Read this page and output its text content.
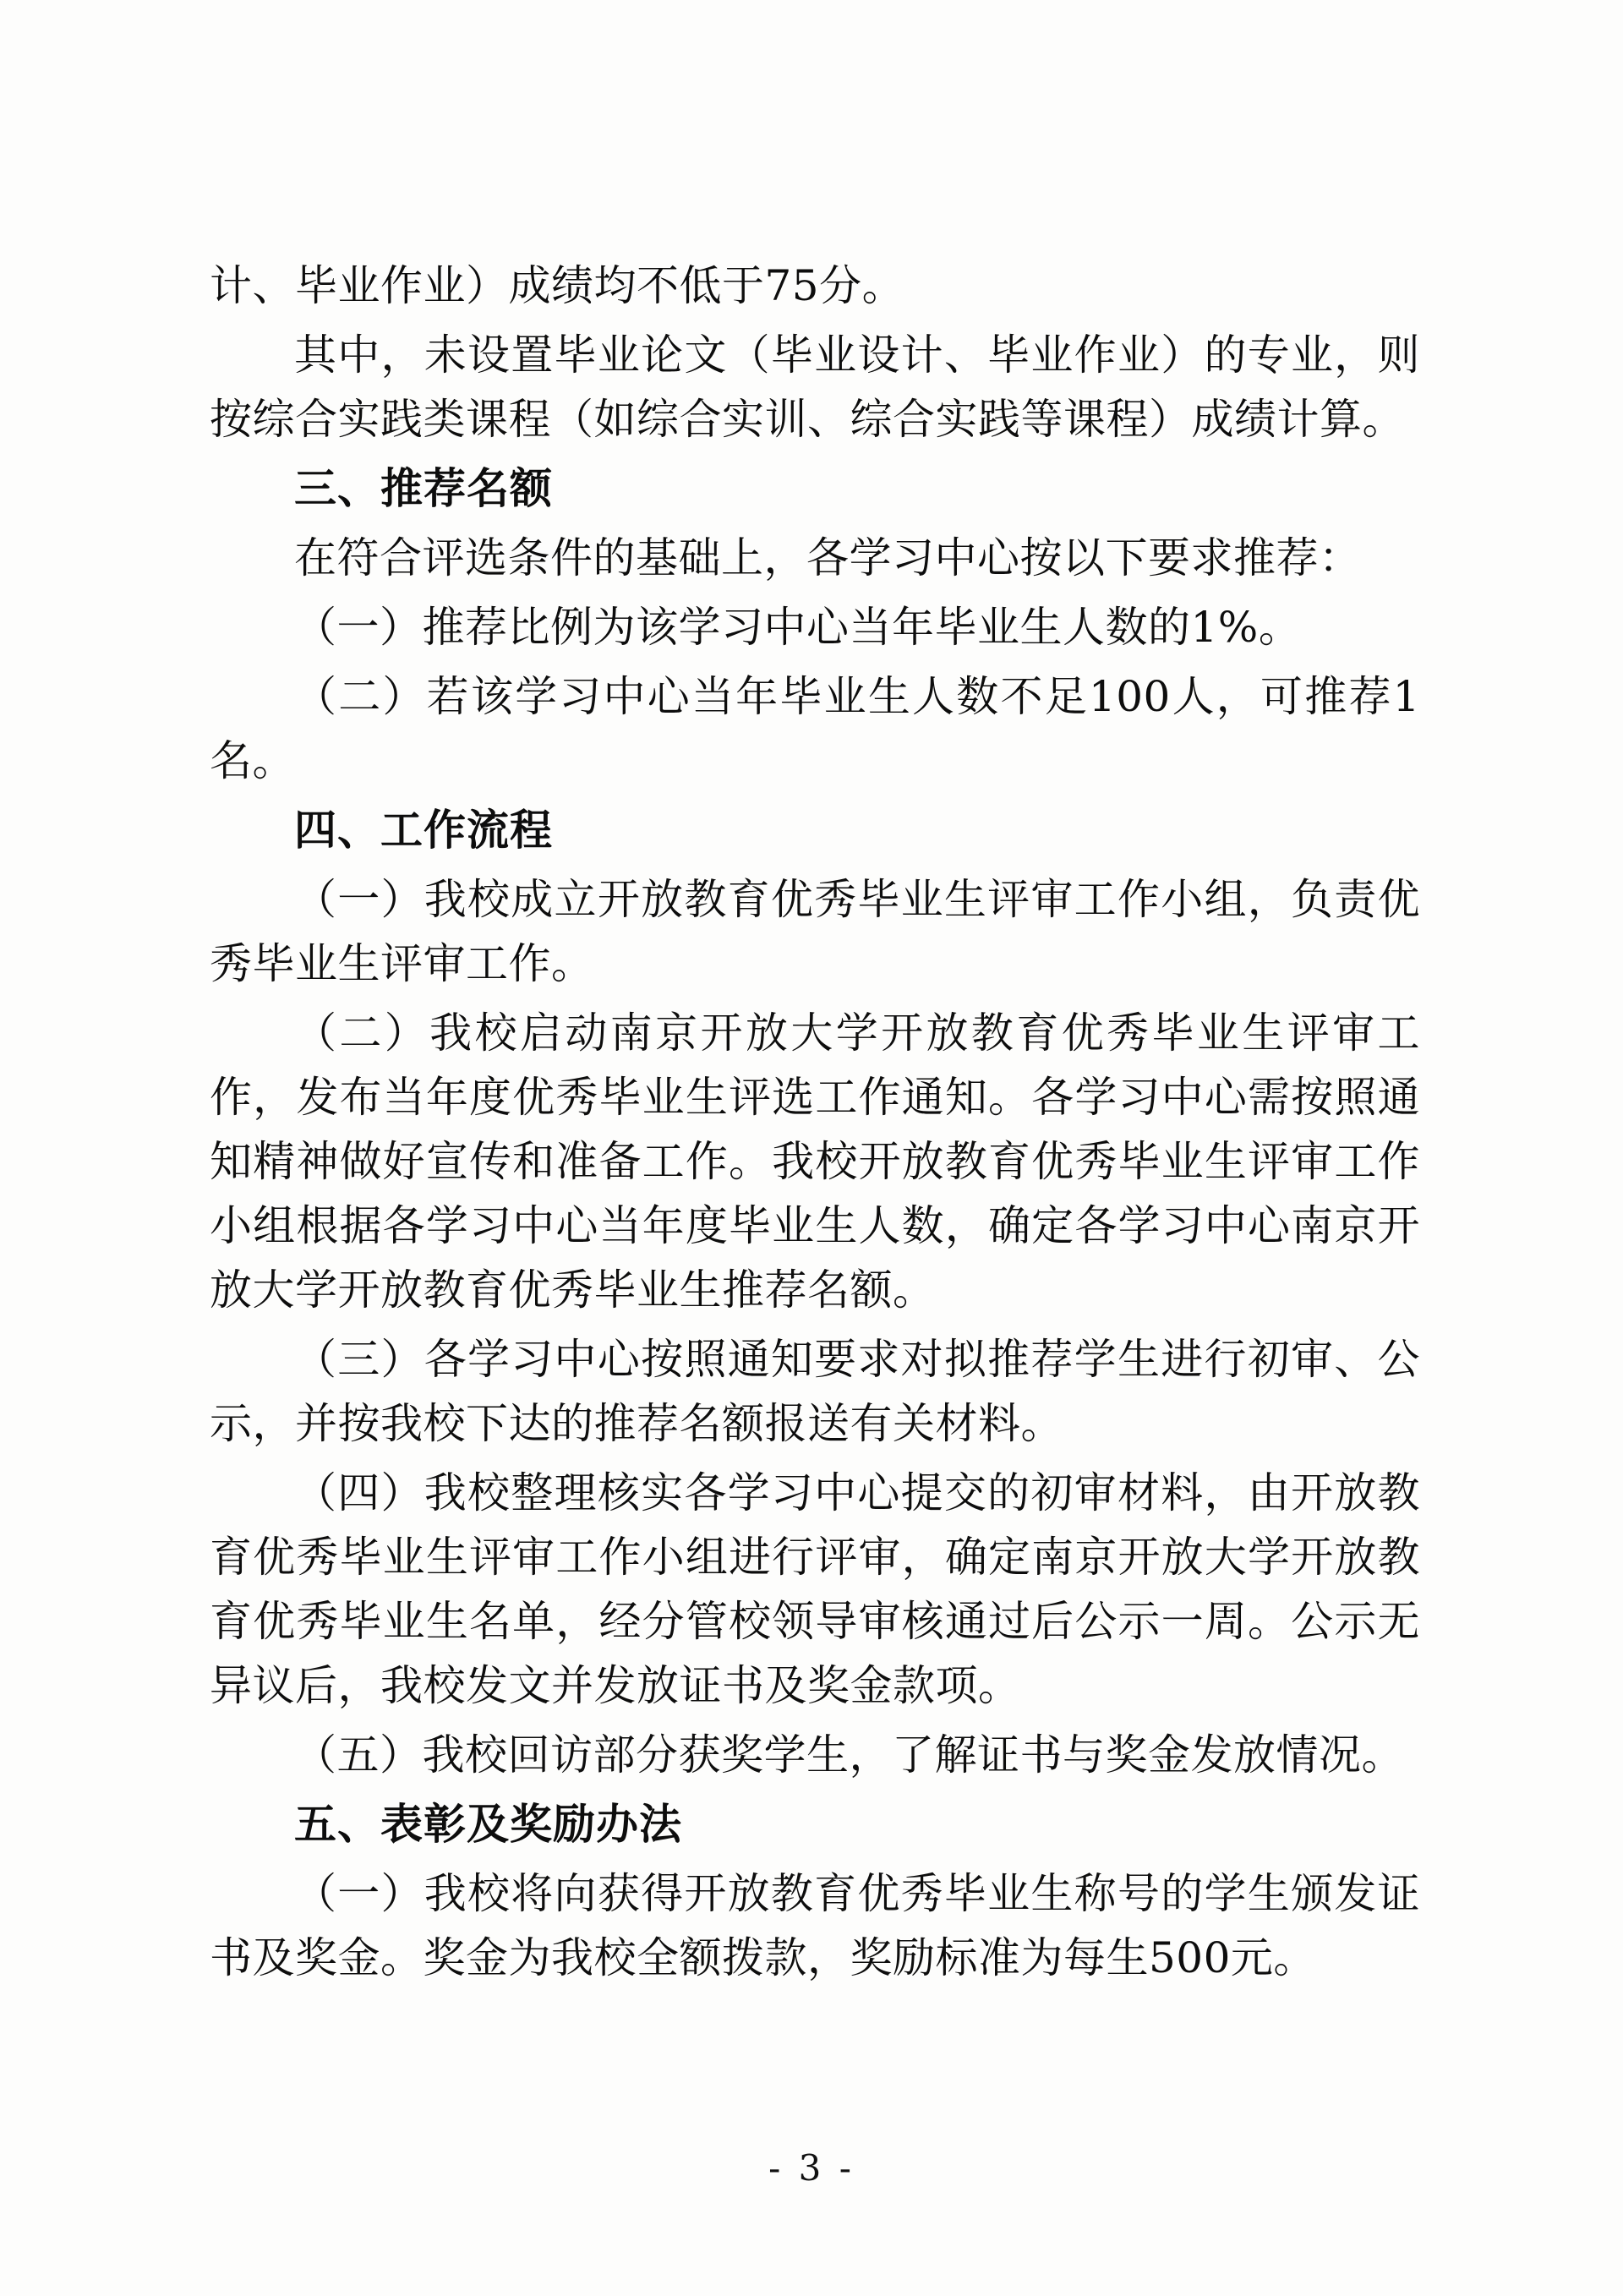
计、毕业作业）成绩均不低于75分。

其中，未设置毕业论文（毕业设计、毕业作业）的专业，则按综合实践类课程（如综合实训、综合实践等课程）成绩计算。

三、推荐名额

在符合评选条件的基础上，各学习中心按以下要求推荐：

（一）推荐比例为该学习中心当年毕业生人数的1%。

（二）若该学习中心当年毕业生人数不足100人，可推荐1名。

四、工作流程

（一）我校成立开放教育优秀毕业生评审工作小组，负责优秀毕业生评审工作。

（二）我校启动南京开放大学开放教育优秀毕业生评审工作，发布当年度优秀毕业生评选工作通知。各学习中心需按照通知精神做好宣传和准备工作。我校开放教育优秀毕业生评审工作小组根据各学习中心当年度毕业生人数，确定各学习中心南京开放大学开放教育优秀毕业生推荐名额。

（三）各学习中心按照通知要求对拟推荐学生进行初审、公示，并按我校下达的推荐名额报送有关材料。

（四）我校整理核实各学习中心提交的初审材料，由开放教育优秀毕业生评审工作小组进行评审，确定南京开放大学开放教育优秀毕业生名单，经分管校领导审核通过后公示一周。公示无异议后，我校发文并发放证书及奖金款项。

（五）我校回访部分获奖学生，了解证书与奖金发放情况。

五、表彰及奖励办法

（一）我校将向获得开放教育优秀毕业生称号的学生颁发证书及奖金。奖金为我校全额拨款，奖励标准为每生500元。

- 3 -
